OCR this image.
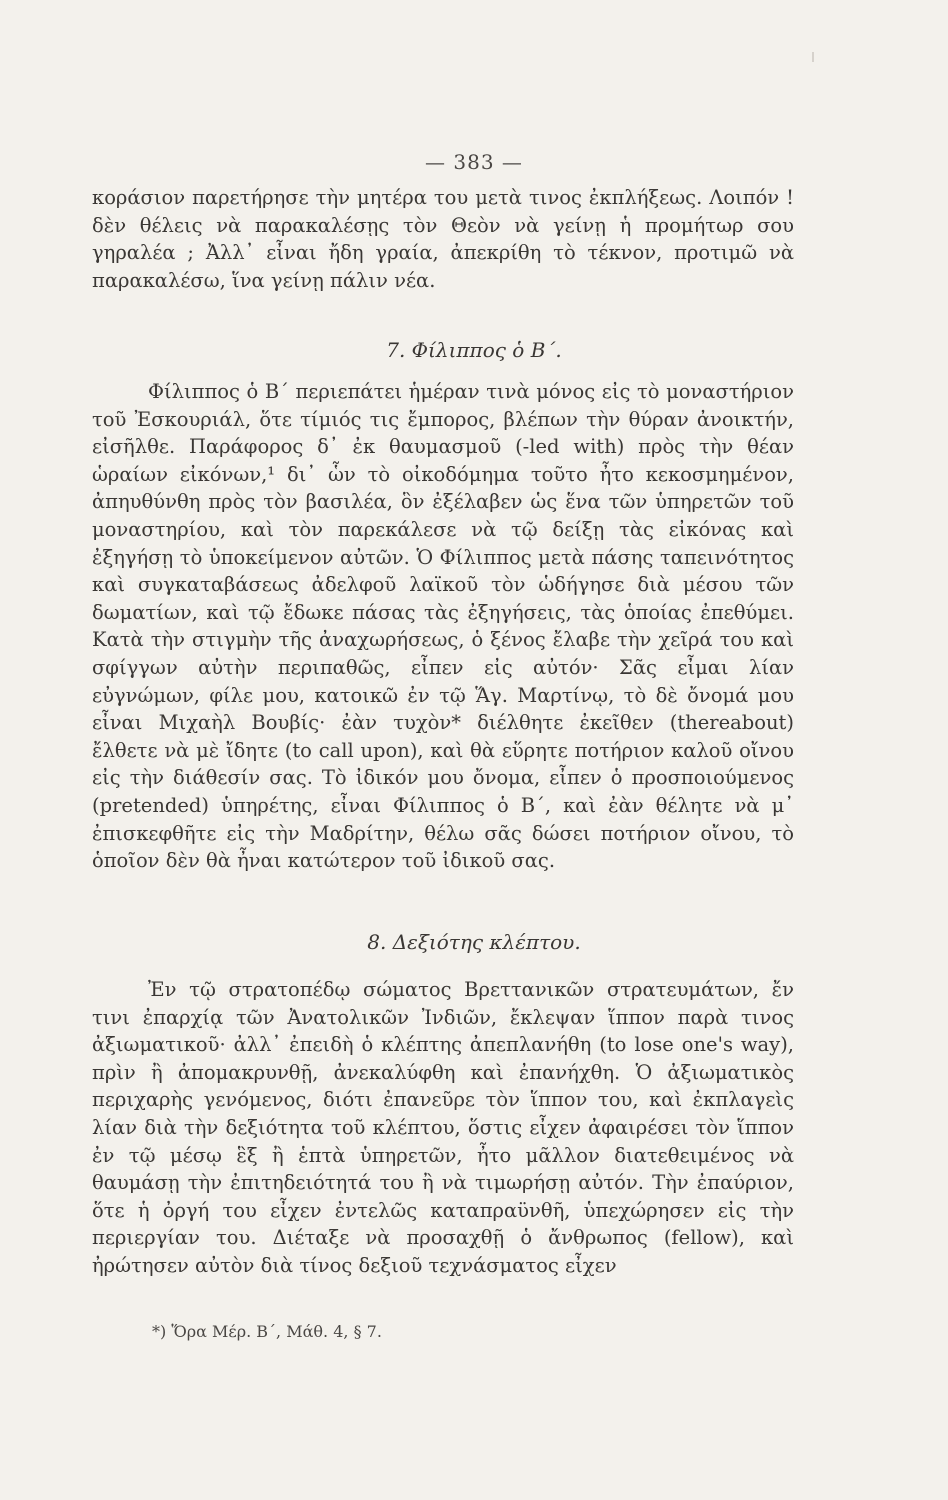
— 383 —
κοράσιον παρετήρησε τὴν μητέρα του μετὰ τινος ἐκπλήξεως. Λοιπόν ! δὲν θέλεις νὰ παρακαλέσῃς τὸν Θεὸν νὰ γείνῃ ἡ προμήτωρ σου γηραλέα ; Ἀλλ᾽ εἶναι ἤδη γραία, ἀπεκρίθη τὸ τέκνον, προτιμῶ νὰ παρακαλέσω, ἵνα γείνῃ πάλιν νέα.
7. Φίλιππος ὁ Β΄.
Φίλιππος ὁ Β΄ περιεπάτει ἡμέραν τινὰ μόνος εἰς τὸ μοναστήριον τοῦ Ἐσκουριάλ, ὅτε τίμιός τις ἔμπορος, βλέπων τὴν θύραν ἀνοικτήν, εἰσῆλθε. Παράφορος δ᾽ ἐκ θαυμασμοῦ (-led with) πρὸς τὴν θέαν ὡραίων εἰκόνων,¹ δι᾽ ὧν τὸ οἰκοδόμημα τοῦτο ἦτο κεκοσμημένον, ἀπηυθύνθη πρὸς τὸν βασιλέα, ὃν ἐξέλαβεν ὡς ἕνα τῶν ὑπηρετῶν τοῦ μοναστηρίου, καὶ τὸν παρεκάλεσε νὰ τῷ δείξῃ τὰς εἰκόνας καὶ ἐξηγήσῃ τὸ ὑποκείμενον αὐτῶν. Ὁ Φίλιππος μετὰ πάσης ταπεινότητος καὶ συγκαταβάσεως ἀδελφοῦ λαϊκοῦ τὸν ὡδήγησε διὰ μέσου τῶν δωματίων, καὶ τῷ ἔδωκε πάσας τὰς ἐξηγήσεις, τὰς ὁποίας ἐπεθύμει. Κατὰ τὴν στιγμὴν τῆς ἀναχωρήσεως, ὁ ξένος ἔλαβε τὴν χεῖρά του καὶ σφίγγων αὐτὴν περιπαθῶς, εἶπεν εἰς αὐτόν· Σᾶς εἶμαι λίαν εὐγνώμων, φίλε μου, κατοικῶ ἐν τῷ Ἅγ. Μαρτίνῳ, τὸ δὲ ὄνομά μου εἶναι Μιχαὴλ Βουβίς· ἐὰν τυχὸν* διέλθητε ἐκεῖθεν (thereabout) ἔλθετε νὰ μὲ ἴδητε (to call upon), καὶ θὰ εὕρητε ποτήριον καλοῦ οἴνου εἰς τὴν διάθεσίν σας. Τὸ ἰδικόν μου ὄνομα, εἶπεν ὁ προσποιούμενος (pretended) ὑπηρέτης, εἶναι Φίλιππος ὁ Β΄, καὶ ἐὰν θέλητε νὰ μ᾽ ἐπισκεφθῆτε εἰς τὴν Μαδρίτην, θέλω σᾶς δώσει ποτήριον οἴνου, τὸ ὁποῖον δὲν θὰ ἦναι κατώτερον τοῦ ἰδικοῦ σας.
8. Δεξιότης κλέπτου.
Ἐν τῷ στρατοπέδῳ σώματος Βρεττανικῶν στρατευμάτων, ἔν τινι ἐπαρχίᾳ τῶν Ἀνατολικῶν Ἰνδιῶν, ἔκλεψαν ἵππον παρὰ τινος ἀξιωματικοῦ· ἀλλ᾽ ἐπειδὴ ὁ κλέπτης ἀπεπλανήθη (to lose one's way), πρὶν ἢ ἀπομακρυνθῇ, ἀνεκαλύφθη καὶ ἐπανήχθη. Ὁ ἀξιωματικὸς περιχαρὴς γενόμενος, διότι ἐπανεῦρε τὸν ἵππον του, καὶ ἐκπλαγεὶς λίαν διὰ τὴν δεξιότητα τοῦ κλέπτου, ὅστις εἶχεν ἀφαιρέσει τὸν ἵππον ἐν τῷ μέσῳ ἓξ ἢ ἑπτὰ ὑπηρετῶν, ἦτο μᾶλλον διατεθειμένος νὰ θαυμάσῃ τὴν ἐπιτηδειότητά του ἢ νὰ τιμωρήσῃ αὐτόν. Τὴν ἐπαύριον, ὅτε ἡ ὀργή του εἶχεν ἐντελῶς καταπραϋνθῆ, ὑπεχώρησεν εἰς τὴν περιεργίαν του. Διέταξε νὰ προσαχθῇ ὁ ἄνθρωπος (fellow), καὶ ἠρώτησεν αὐτὸν διὰ τίνος δεξιοῦ τεχνάσματος εἶχεν
*) Ὅρα Μέρ. Β΄, Μάθ. 4, § 7.
